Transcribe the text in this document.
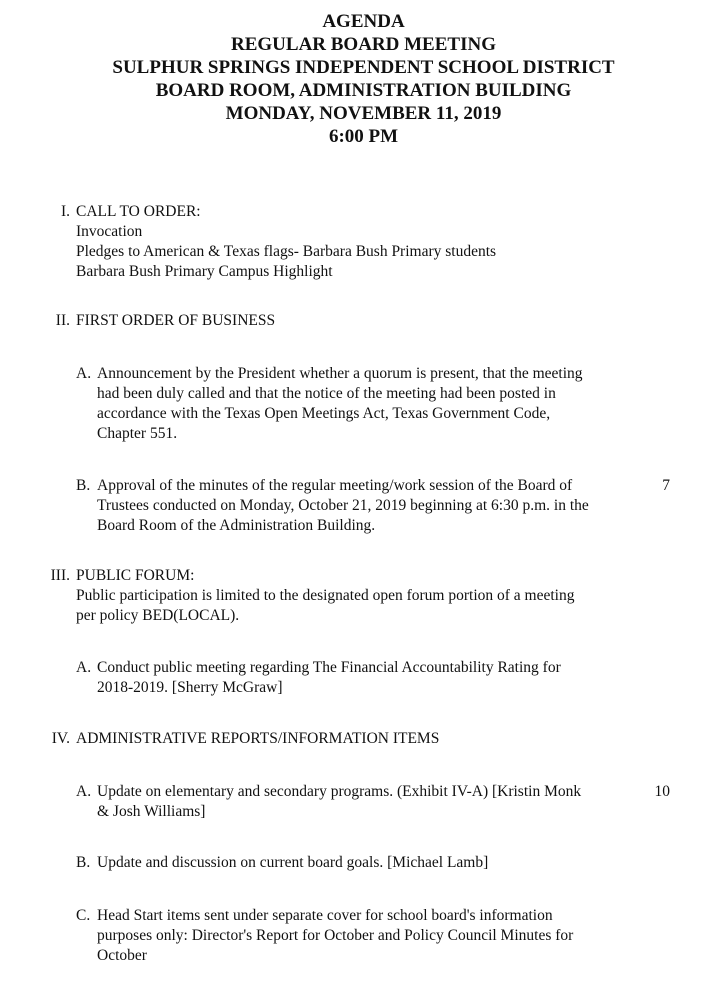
AGENDA
REGULAR BOARD MEETING
SULPHUR SPRINGS INDEPENDENT SCHOOL DISTRICT
BOARD ROOM, ADMINISTRATION BUILDING
MONDAY, NOVEMBER 11, 2019
6:00 PM
I. CALL TO ORDER:
Invocation
Pledges to American & Texas flags- Barbara Bush Primary students
Barbara Bush Primary Campus Highlight
II. FIRST ORDER OF BUSINESS
A. Announcement by the President whether a quorum is present, that the meeting
had been duly called and that the notice of the meeting had been posted in
accordance with the Texas Open Meetings Act, Texas Government Code,
Chapter 551.
B. Approval of the minutes of the regular meeting/work session of the Board of
Trustees conducted on Monday, October 21, 2019 beginning at 6:30 p.m. in the
Board Room of the Administration Building.
7
III. PUBLIC FORUM:
Public participation is limited to the designated open forum portion of a meeting
per policy BED(LOCAL).
A. Conduct public meeting regarding The Financial Accountability Rating for
2018-2019. [Sherry McGraw]
IV. ADMINISTRATIVE REPORTS/INFORMATION ITEMS
A. Update on elementary and secondary programs. (Exhibit IV-A) [Kristin Monk
& Josh Williams]
10
B. Update and discussion on current board goals. [Michael Lamb]
C. Head Start items sent under separate cover for school board's information
purposes only: Director's Report for October and Policy Council Minutes for
October
